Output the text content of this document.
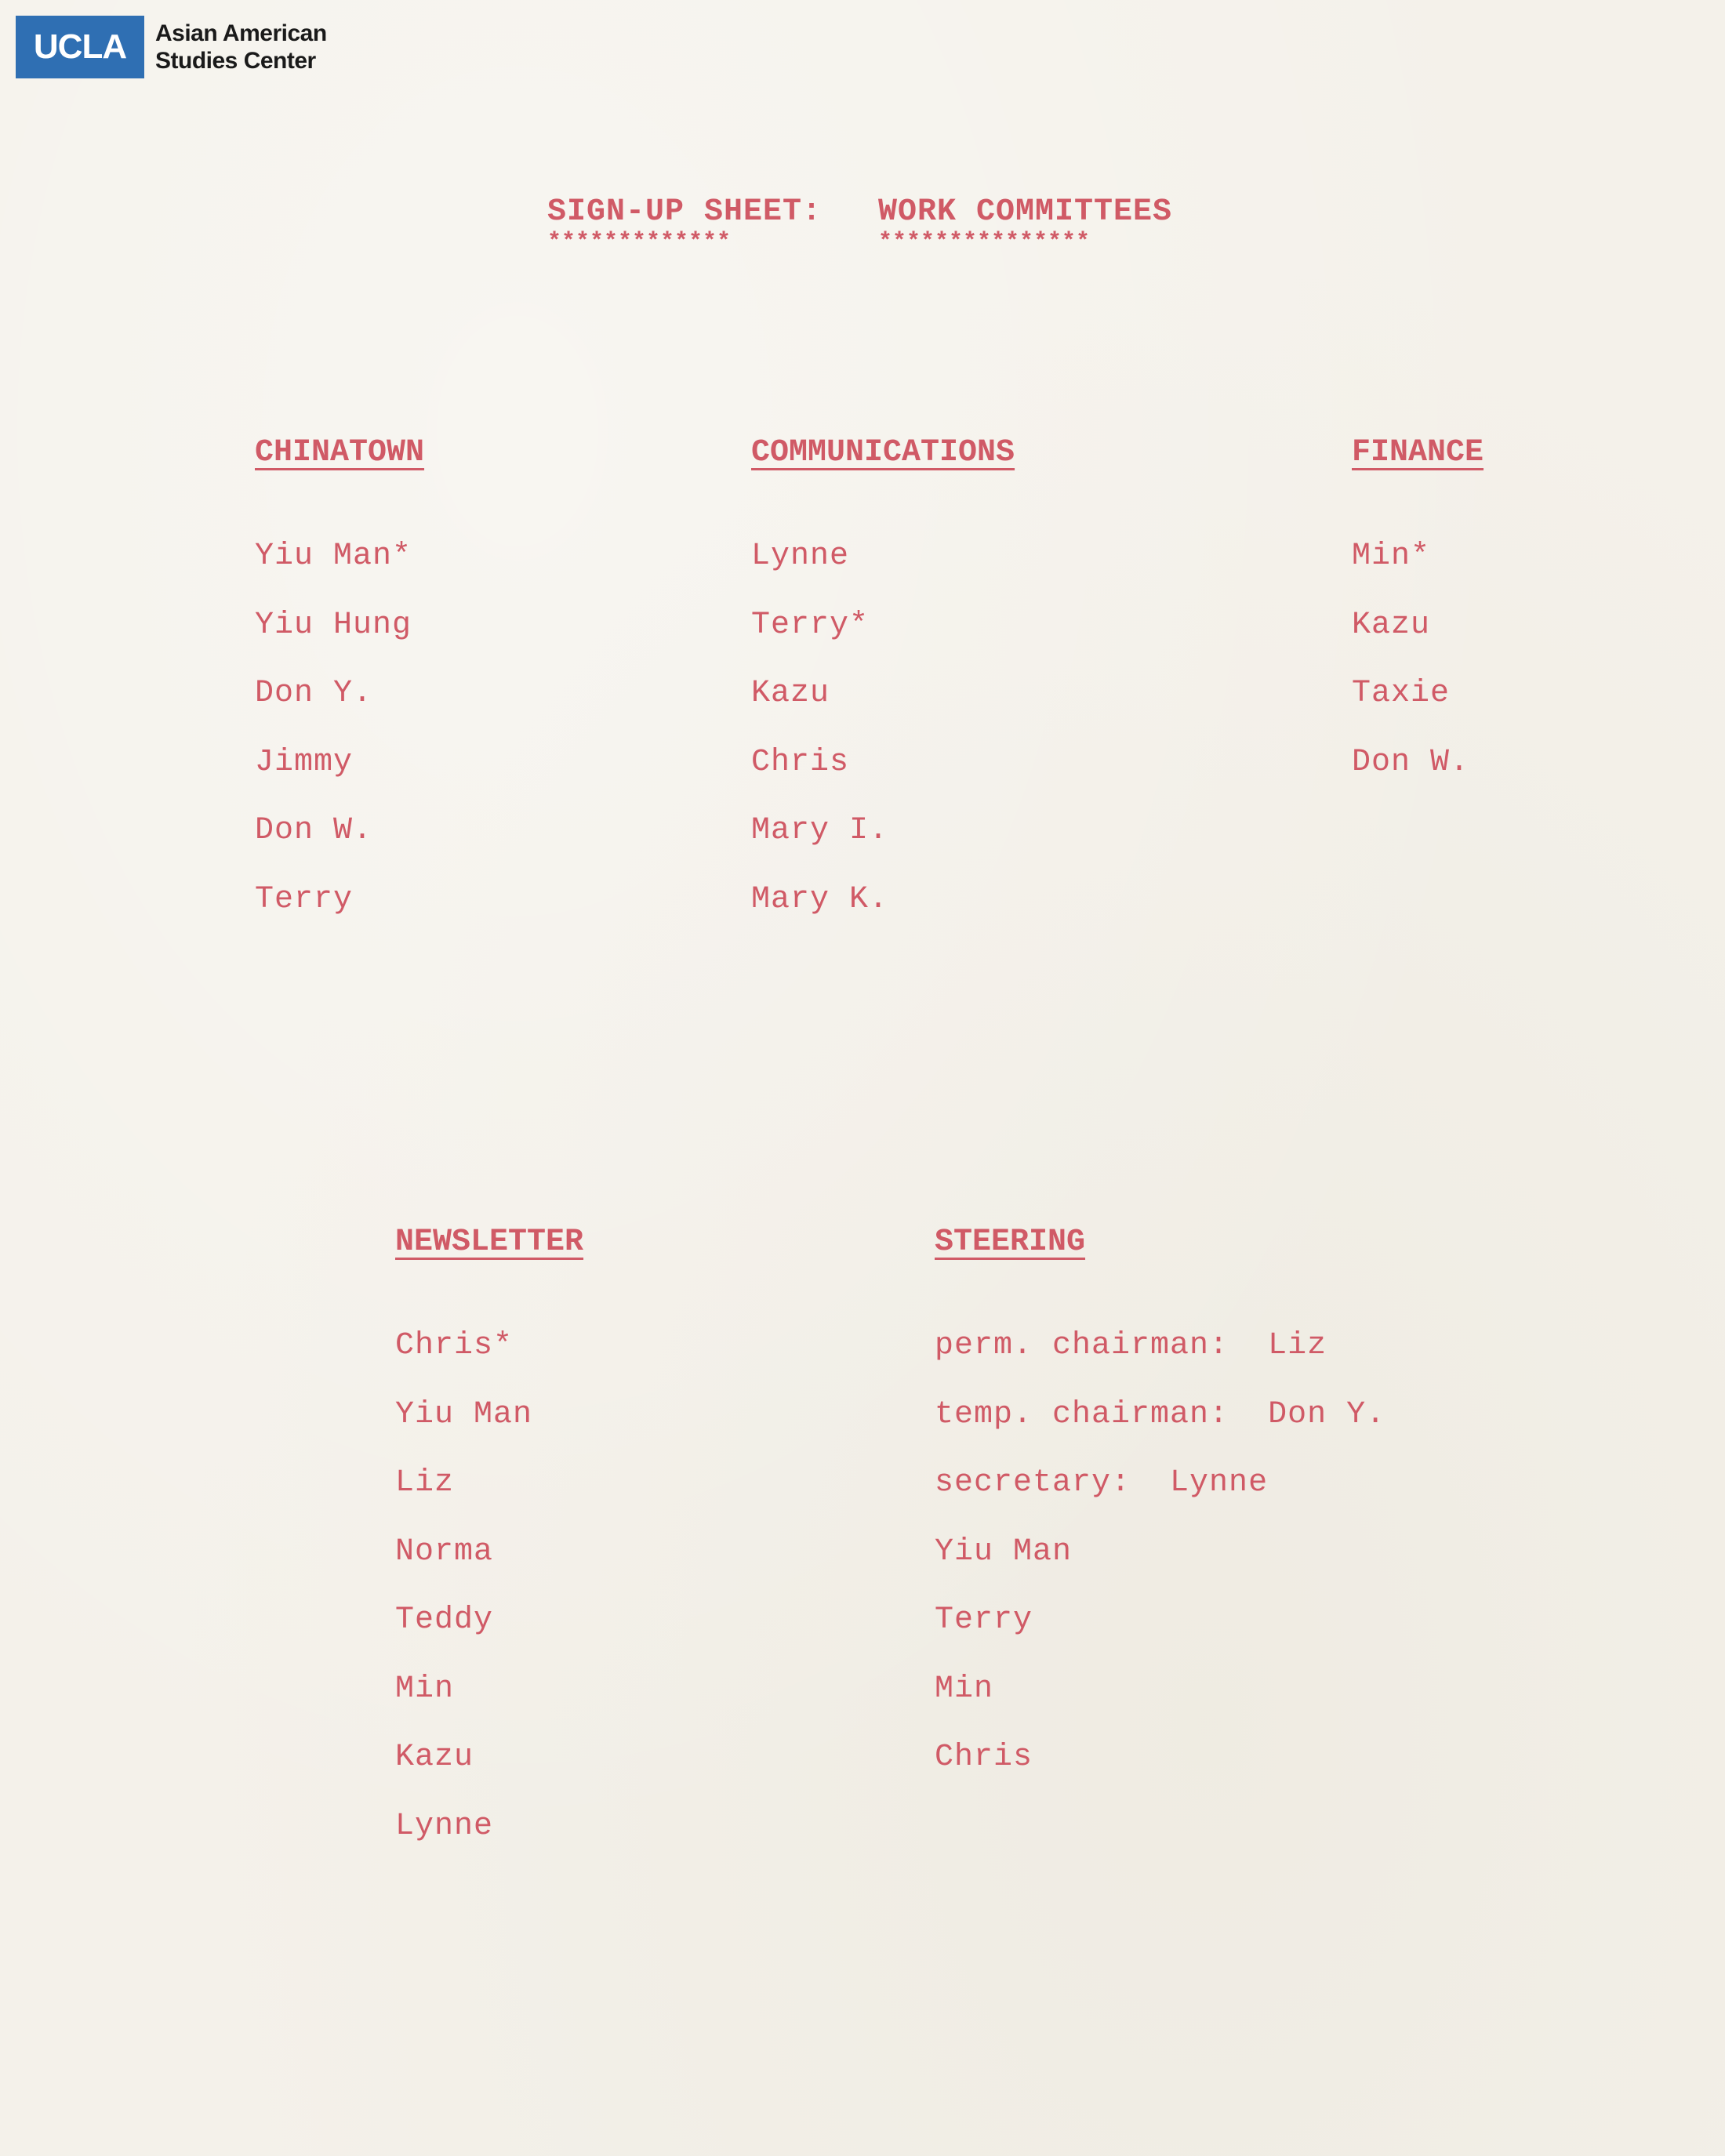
UCLA	Asian American
Studies Center
SIGN-UP SHEET: WORK COMMITTEES
*************	***************
CHINATOWN
Yiu Man*
Yiu Hung
Don Y.
Jimmy
Don W.
Terry
COMMUNICATIONS
Lynne
Terry*
Kazu
Chris
Mary I.
Mary K.
FINANCE
Min*
Kazu
Taxie
Don W.
NEWSLETTER
Chris*
Yiu Man
Liz
Norma
Teddy
Min
Kazu
Lynne
STEERING
perm. chairman:  Liz
temp. chairman:  Don Y.
secretary:  Lynne
Yiu Man
Terry
Min
Chris
